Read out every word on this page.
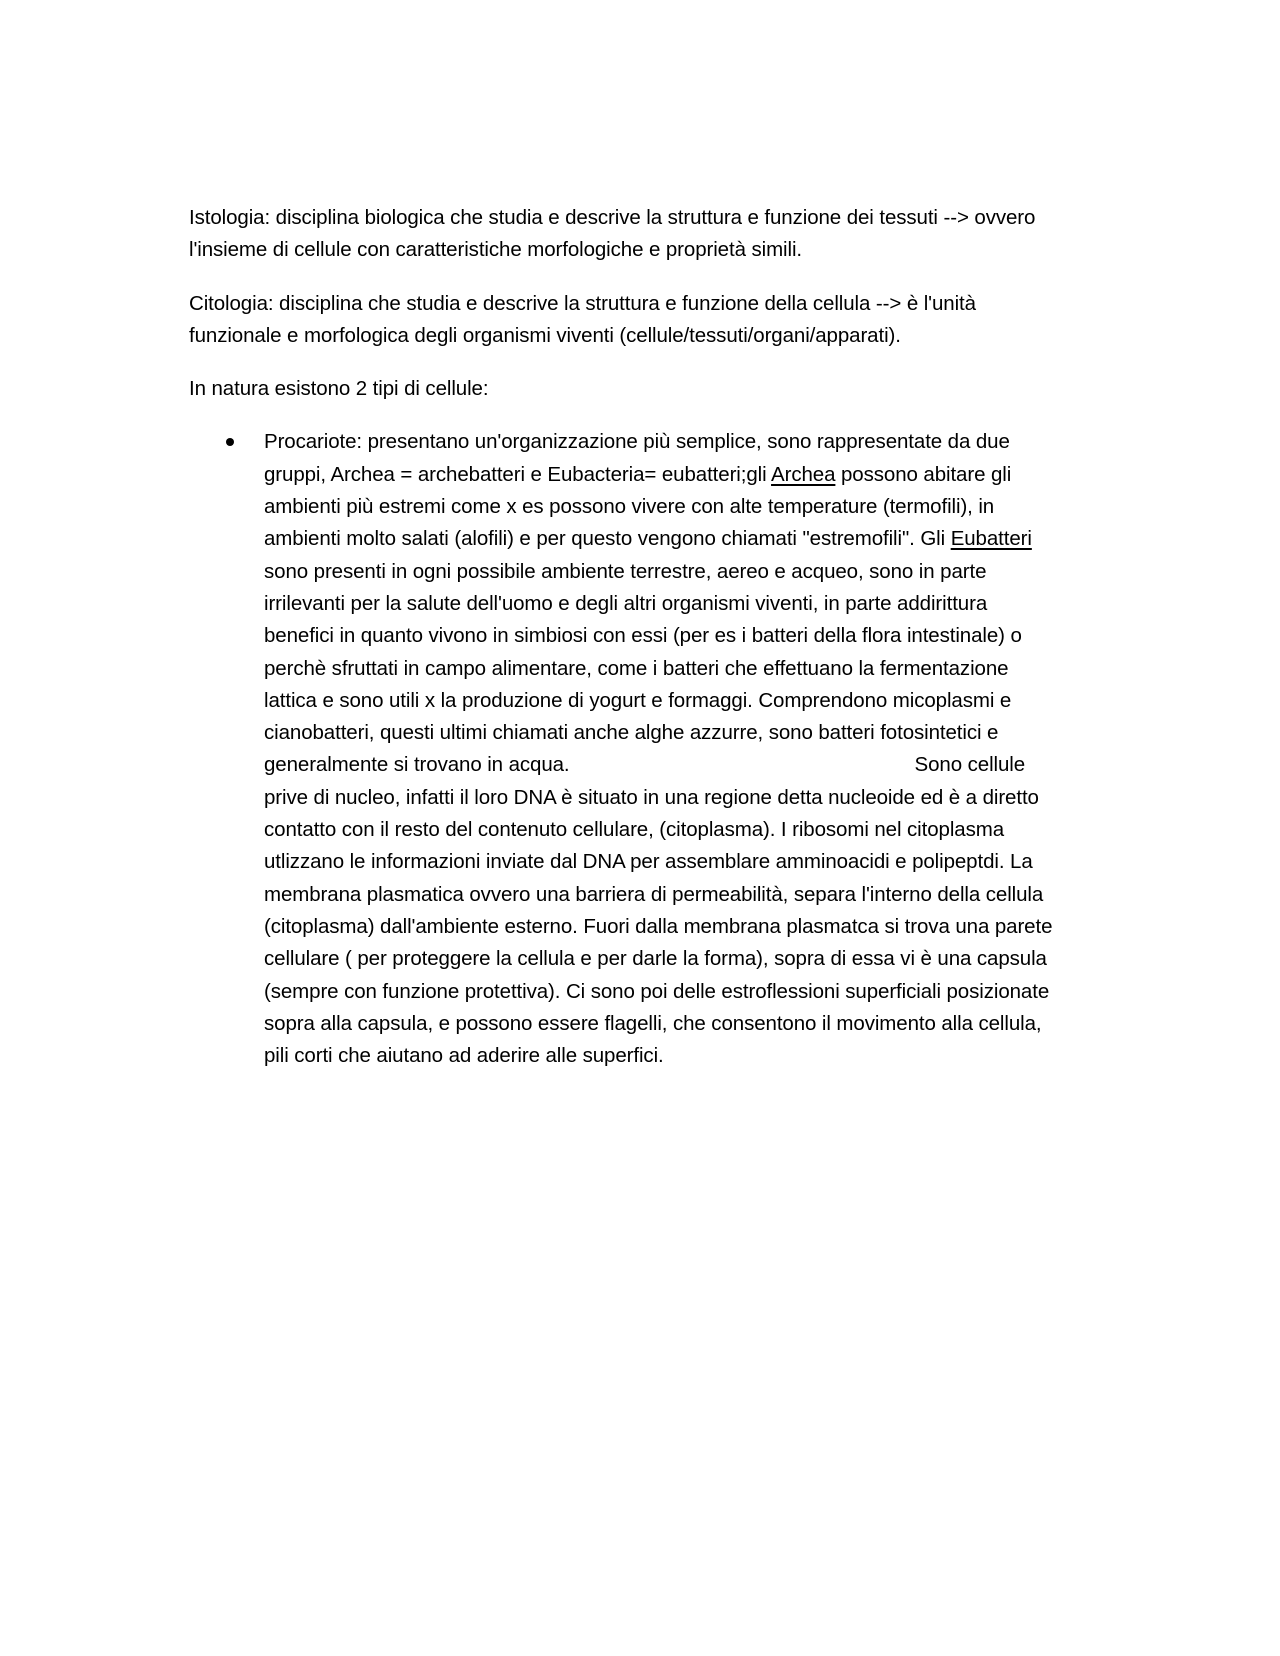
Istologia: disciplina biologica che studia e descrive la struttura e funzione dei tessuti --> ovvero
l'insieme di cellule con caratteristiche morfologiche e proprietà simili.

Citologia: disciplina che studia e descrive la struttura e funzione della cellula --> è l'unità
funzionale e morfologica degli organismi viventi (cellule/tessuti/organi/apparati).

In natura esistono 2 tipi di cellule:

Procariote: presentano un'organizzazione più semplice, sono rappresentate da due
gruppi, Archea = archebatteri e Eubacteria= eubatteri;gli Archea possono abitare gli
ambienti più estremi come x es possono vivere con alte temperature (termofili), in
ambienti molto salati (alofili) e per questo vengono chiamati "estremofili". Gli Eubatteri
sono presenti in ogni possibile ambiente terrestre, aereo e acqueo, sono in parte
irrilevanti per la salute dell'uomo e degli altri organismi viventi, in parte addirittura
benefici in quanto vivono in simbiosi con essi (per es i batteri della flora intestinale) o
perchè sfruttati in campo alimentare, come i batteri che effettuano la fermentazione
lattica e sono utili x la produzione di yogurt e formaggi. Comprendono micoplasmi e
cianobatteri, questi ultimi chiamati anche alghe azzurre, sono batteri fotosintetici e
generalmente si trovano in acqua.	Sono cellule
prive di nucleo, infatti il loro DNA è situato in una regione detta nucleoide ed è a diretto
contatto con il resto del contenuto cellulare, (citoplasma). I ribosomi nel citoplasma
utlizzano le informazioni inviate dal DNA per assemblare amminoacidi e polipeptdi. La
membrana plasmatica ovvero una barriera di permeabilità, separa l'interno della cellula
(citoplasma) dall'ambiente esterno. Fuori dalla membrana plasmatca si trova una parete
cellulare ( per proteggere la cellula e per darle la forma), sopra di essa vi è una capsula
(sempre con funzione protettiva). Ci sono poi delle estroflessioni superficiali posizionate
sopra alla capsula, e possono essere flagelli, che consentono il movimento alla cellula,
pili corti che aiutano ad aderire alle superfici.
